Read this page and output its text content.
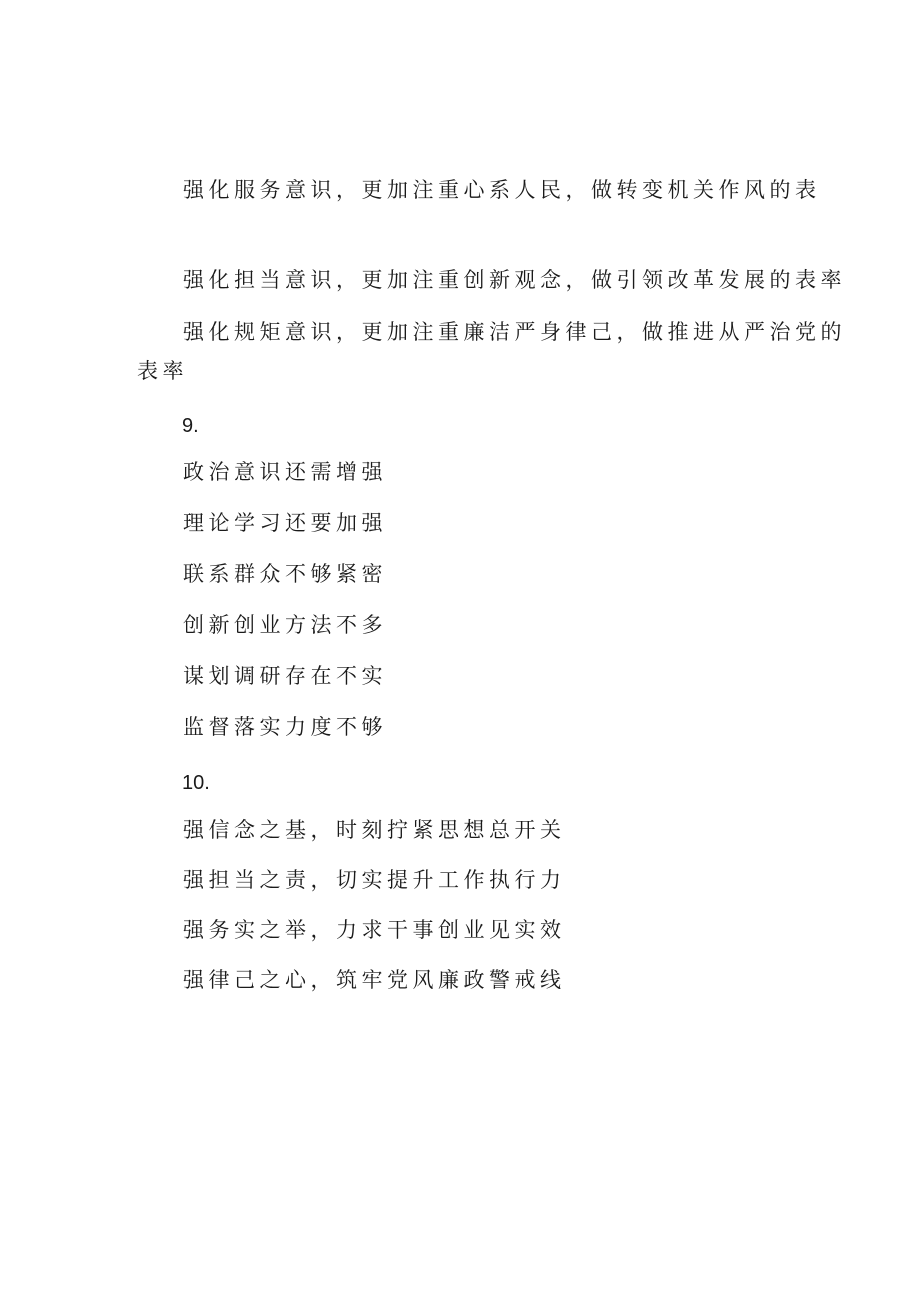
强化服务意识，更加注重心系人民，做转变机关作风的表
强化担当意识，更加注重创新观念，做引领改革发展的表率
强化规矩意识，更加注重廉洁严身律己，做推进从严治党的
表率
9.
政治意识还需增强
理论学习还要加强
联系群众不够紧密
创新创业方法不多
谋划调研存在不实
监督落实力度不够
10.
强信念之基，时刻拧紧思想总开关
强担当之责，切实提升工作执行力
强务实之举，力求干事创业见实效
强律己之心，筑牢党风廉政警戒线
